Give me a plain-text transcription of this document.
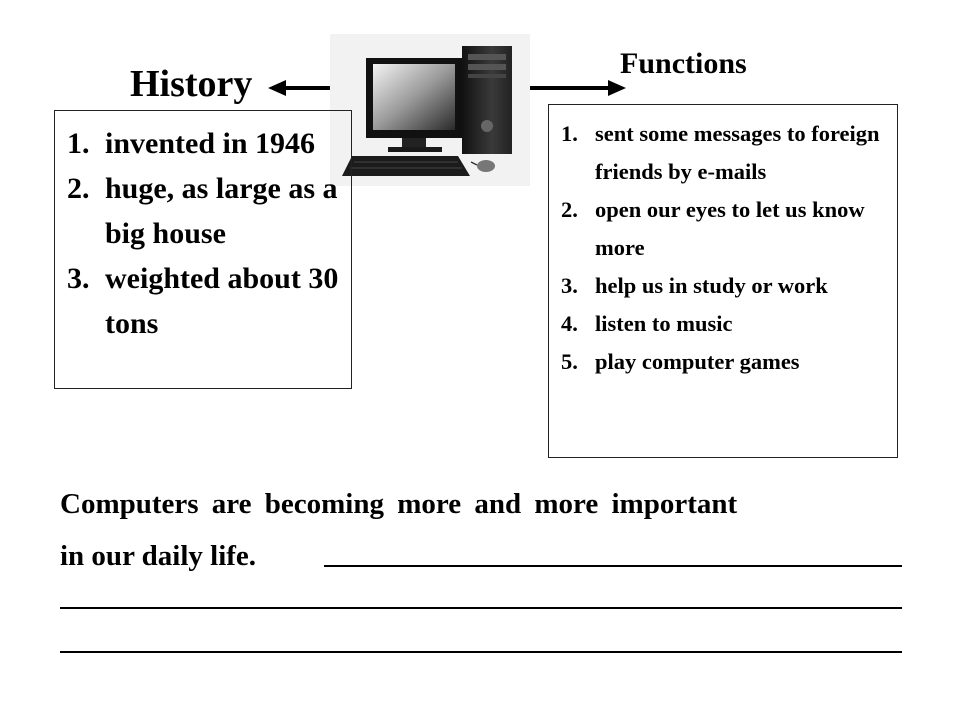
History	Functions
1. invented in 1946
2. huge, as large as a big house
3. weighted about 30 tons
1. sent some messages to foreign friends by e-mails
2. open our eyes to let us know more
3. help us in study or work
4. listen to music
5. play computer games
Computers are becoming more and more important
in our daily life.
